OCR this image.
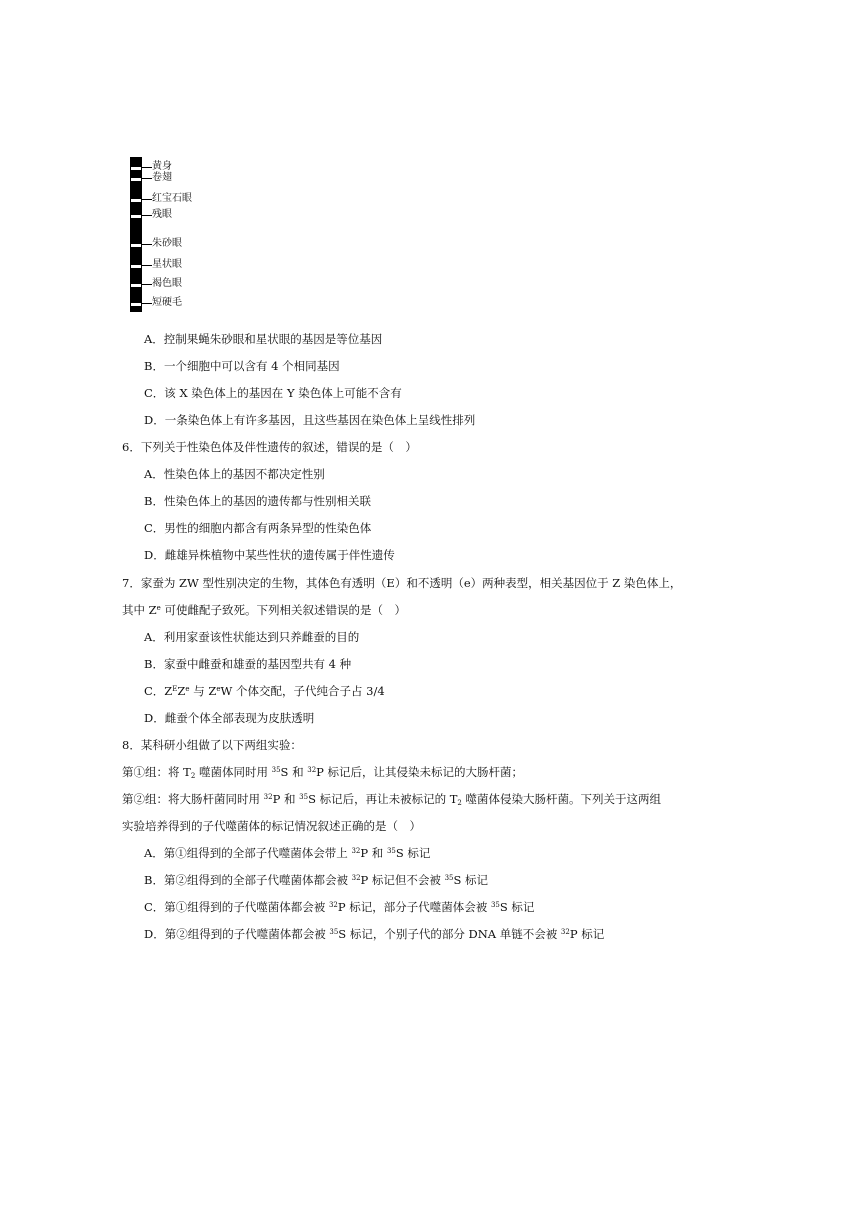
黄身
卷翅
红宝石眼
残眼
朱砂眼
星状眼
褐色眼
短硬毛
A．控制果蝇朱砂眼和星状眼的基因是等位基因
B．一个细胞中可以含有 4 个相同基因
C．该 X 染色体上的基因在 Y 染色体上可能不含有
D．一条染色体上有许多基因，且这些基因在染色体上呈线性排列
6．下列关于性染色体及伴性遗传的叙述，错误的是（　）
A．性染色体上的基因不都决定性别
B．性染色体上的基因的遗传都与性别相关联
C．男性的细胞内都含有两条异型的性染色体
D．雌雄异株植物中某些性状的遗传属于伴性遗传
7．家蚕为 ZW 型性别决定的生物，其体色有透明（E）和不透明（e）两种表型，相关基因位于 Z 染色体上，
其中 $Z^e$ 可使雌配子致死。下列相关叙述错误的是（　）
A．利用家蚕该性状能达到只养雌蚕的目的
B．家蚕中雌蚕和雄蚕的基因型共有 4 种
C．$Z^EZ^e$ 与 $Z^eW$ 个体交配，子代纯合子占 3/4
D．雌蚕个体全部表现为皮肤透明
8．某科研小组做了以下两组实验：
第①组：将 $T_2$ 噬菌体同时用 $^{35}$S 和 $^{32}$P 标记后，让其侵染未标记的大肠杆菌；
第②组：将大肠杆菌同时用 $^{32}$P 和 $^{35}$S 标记后，再让未被标记的 $T_2$ 噬菌体侵染大肠杆菌。下列关于这两组
实验培养得到的子代噬菌体的标记情况叙述正确的是（　）
A．第①组得到的全部子代噬菌体会带上 $^{32}$P 和 $^{35}$S 标记
B．第②组得到的全部子代噬菌体都会被 $^{32}$P 标记但不会被 $^{35}$S 标记
C．第①组得到的子代噬菌体都会被 $^{32}$P 标记，部分子代噬菌体会被 $^{35}$S 标记
D．第②组得到的子代噬菌体都会被 $^{35}$S 标记，个别子代的部分 DNA 单链不会被 $^{32}$P 标记
